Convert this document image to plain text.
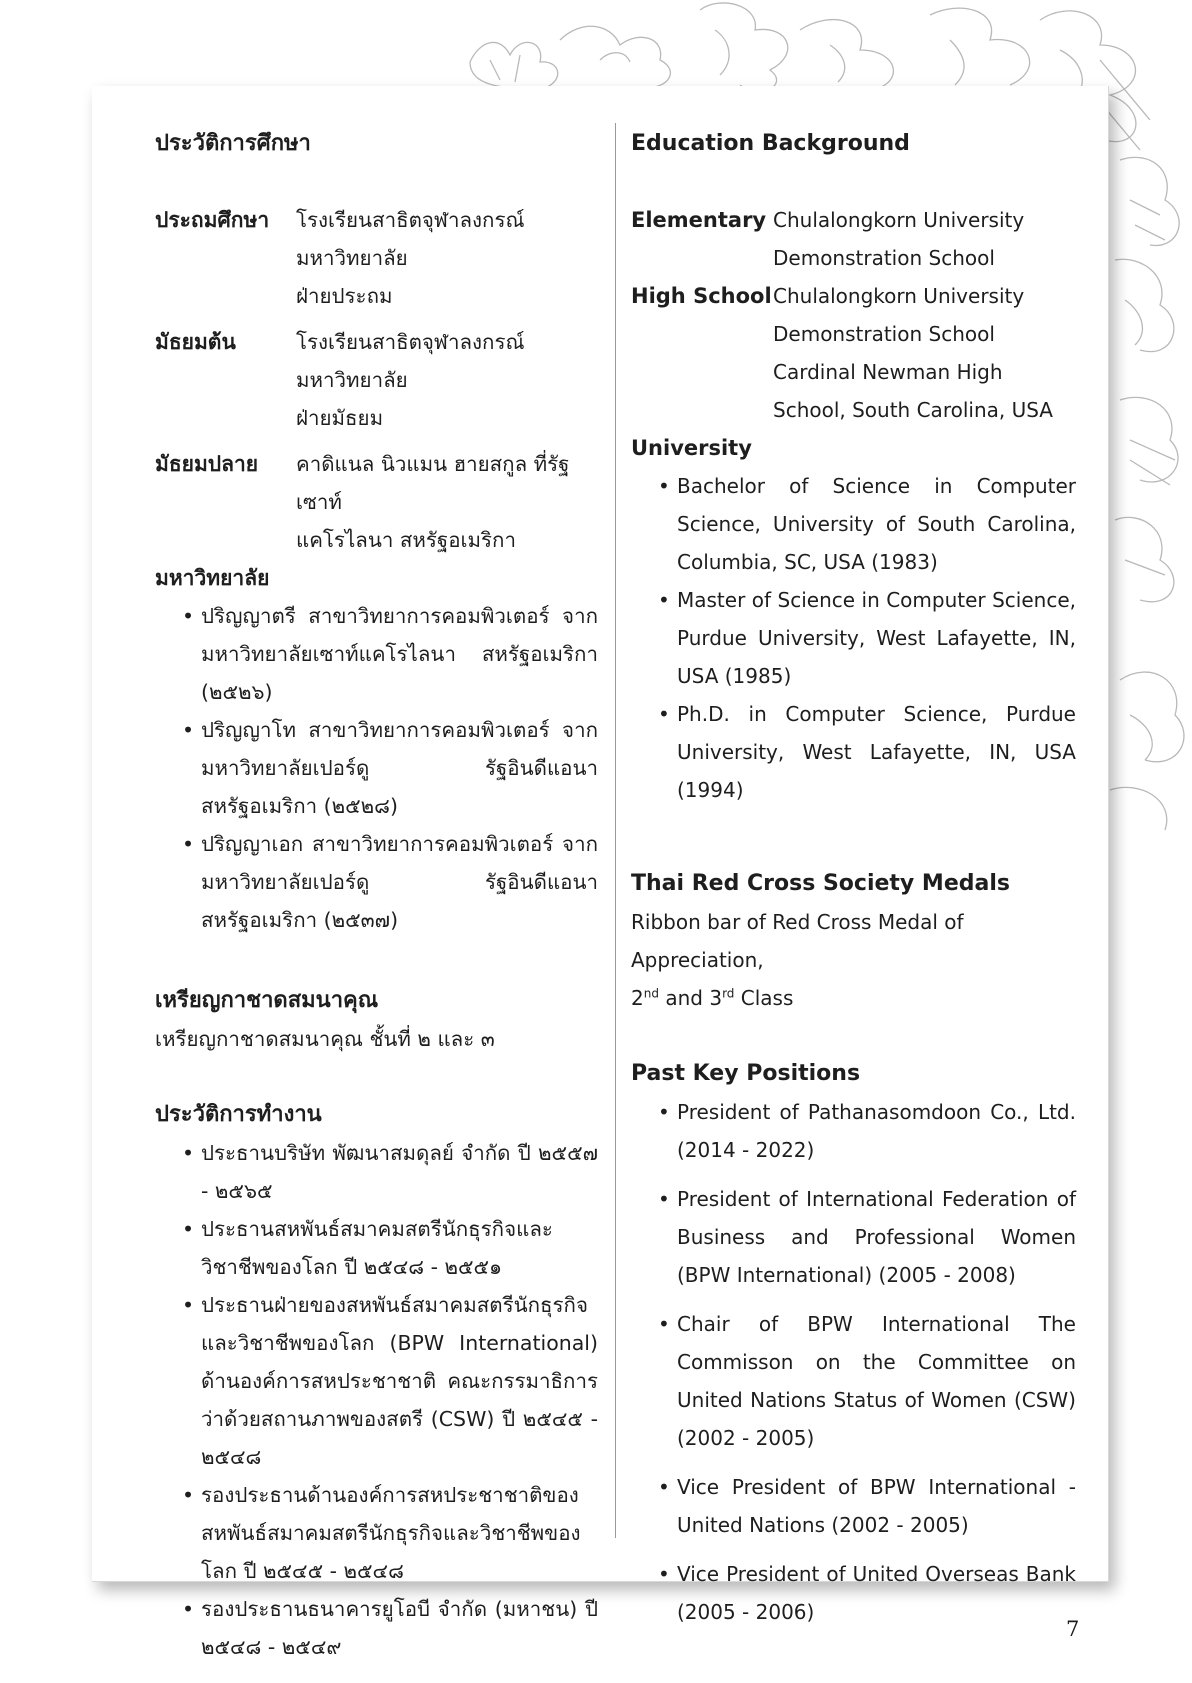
ประวัติการศึกษา

ประถมศึกษา	โรงเรียนสาธิตจุฬาลงกรณ์มหาวิทยาลัย
ฝ่ายประถม
มัธยมต้น	โรงเรียนสาธิตจุฬาลงกรณ์มหาวิทยาลัย
ฝ่ายมัธยม
มัธยมปลาย	คาดิแนล นิวแมน ฮายสกูล ที่รัฐเซาท์
แคโรไลนา สหรัฐอเมริกา

มหาวิทยาลัย

• ปริญญาตรี สาขาวิทยาการคอมพิวเตอร์ จาก มหาวิทยาลัยเซาท์แคโรไลนา สหรัฐอเมริกา (๒๕๒๖)
• ปริญญาโท สาขาวิทยาการคอมพิวเตอร์ จาก มหาวิทยาลัยเปอร์ดู รัฐอินดีแอนา สหรัฐอเมริกา (๒๕๒๘)
• ปริญญาเอก สาขาวิทยาการคอมพิวเตอร์ จาก มหาวิทยาลัยเปอร์ดู รัฐอินดีแอนา สหรัฐอเมริกา (๒๕๓๗)

เหรียญกาชาดสมนาคุณ

เหรียญกาชาดสมนาคุณ ชั้นที่ ๒ และ ๓

ประวัติการทำงาน

• ประธานบริษัท พัฒนาสมดุลย์ จำกัด ปี ๒๕๕๗ - ๒๕๖๕
• ประธานสหพันธ์สมาคมสตรีนักธุรกิจและวิชาชีพของโลก ปี ๒๕๔๘ - ๒๕๕๑
• ประธานฝ่ายของสหพันธ์สมาคมสตรีนักธุรกิจและวิชาชีพของโลก (BPW International) ด้านองค์การสหประชาชาติ คณะกรรมาธิการว่าด้วยสถานภาพของสตรี (CSW) ปี ๒๕๔๕ - ๒๕๔๘
• รองประธานด้านองค์การสหประชาชาติของสหพันธ์สมาคมสตรีนักธุรกิจและวิชาชีพของโลก ปี ๒๕๔๕ - ๒๕๔๘
• รองประธานธนาคารยูโอบี จำกัด (มหาชน) ปี ๒๕๔๘ - ๒๕๔๙

Education Background

Elementary Chulalongkorn University
Demonstration School
High School Chulalongkorn University
Demonstration School
Cardinal Newman High
School, South Carolina, USA

University

• Bachelor of Science in Computer Science, University of South Carolina, Columbia, SC, USA (1983)
• Master of Science in Computer Science, Purdue University, West Lafayette, IN, USA (1985)
• Ph.D. in Computer Science, Purdue University, West Lafayette, IN, USA (1994)

Thai Red Cross Society Medals

Ribbon bar of Red Cross Medal of Appreciation,

2nd and 3rd Class

Past Key Positions

• President of Pathanasomdoon Co., Ltd. (2014 - 2022)
• President of International Federation of Business and Professional Women (BPW International) (2005 - 2008)
• Chair of BPW International The Commisson on the Committee on United Nations Status of Women (CSW) (2002 - 2005)
• Vice President of BPW International - United Nations (2002 - 2005)
• Vice President of United Overseas Bank (2005 - 2006)
7
